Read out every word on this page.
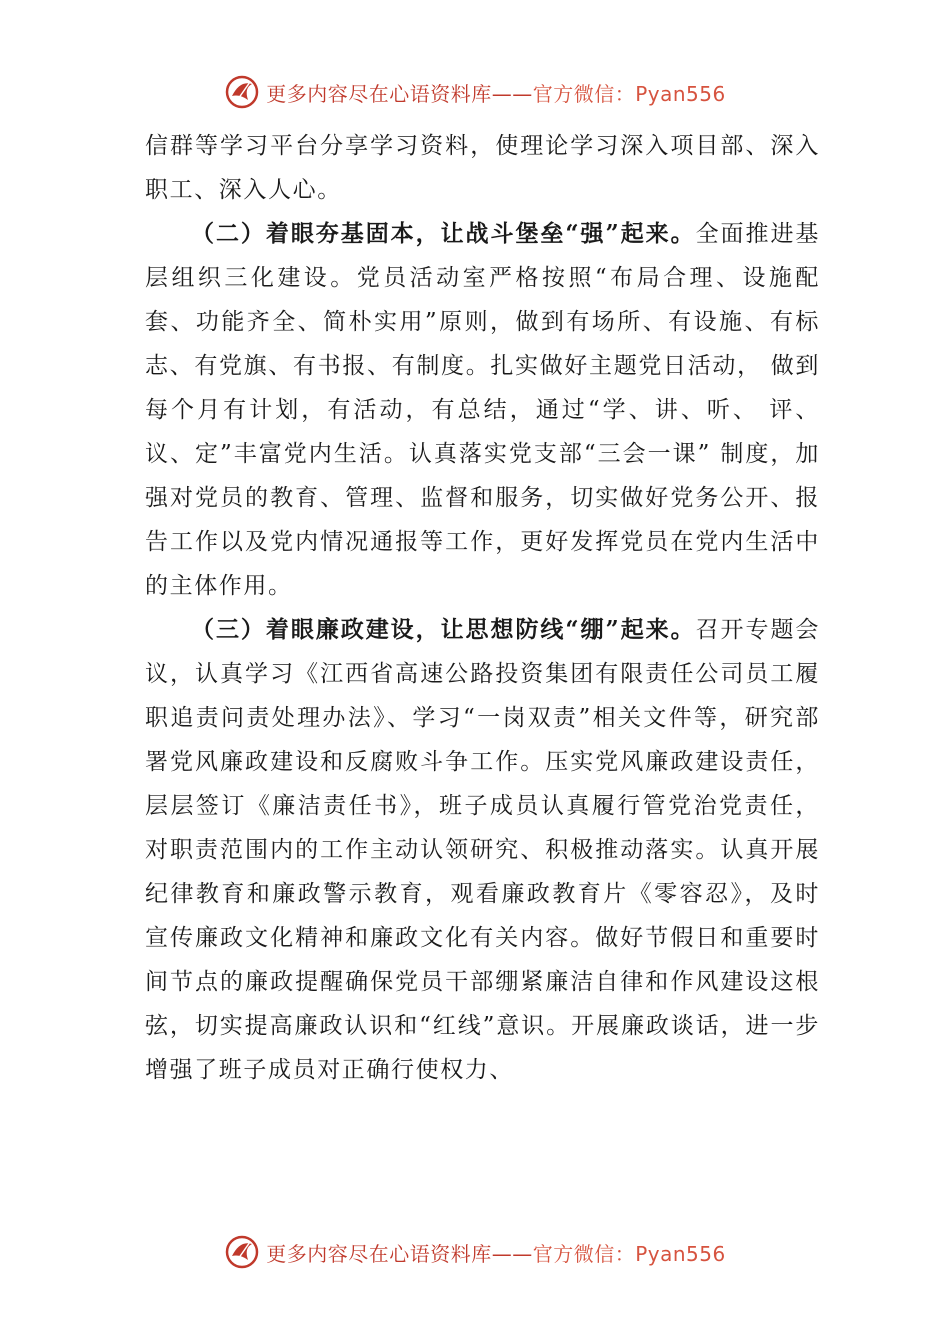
更多内容尽在心语资料库——官方微信：Pyan556

信群等学习平台分享学习资料，使理论学习深入项目部、深入职工、深入人心。

（二）着眼夯基固本，让战斗堡垒“强”起来。全面推进基层组织三化建设。党员活动室严格按照“布局合理、设施配套、功能齐全、简朴实用”原则，做到有场所、有设施、有标志、有党旗、有书报、有制度。扎实做好主题党日活动， 做到每个月有计划，有活动，有总结，通过“学、讲、听、 评、议、定”丰富党内生活。认真落实党支部“三会一课” 制度，加强对党员的教育、管理、监督和服务，切实做好党务公开、报告工作以及党内情况通报等工作，更好发挥党员在党内生活中的主体作用。

（三）着眼廉政建设，让思想防线“绷”起来。召开专题会议，认真学习《江西省高速公路投资集团有限责任公司员工履职追责问责处理办法》、学习“一岗双责”相关文件等，研究部署党风廉政建设和反腐败斗争工作。压实党风廉政建设责任，层层签订《廉洁责任书》，班子成员认真履行管党治党责任，对职责范围内的工作主动认领研究、积极推动落实。认真开展纪律教育和廉政警示教育，观看廉政教育片《零容忍》，及时宣传廉政文化精神和廉政文化有关内容。做好节假日和重要时间节点的廉政提醒确保党员干部绷紧廉洁自律和作风建设这根弦，切实提高廉政认识和“红线”意识。开展廉政谈话，进一步增强了班子成员对正确行使权力、

更多内容尽在心语资料库——官方微信：Pyan556
